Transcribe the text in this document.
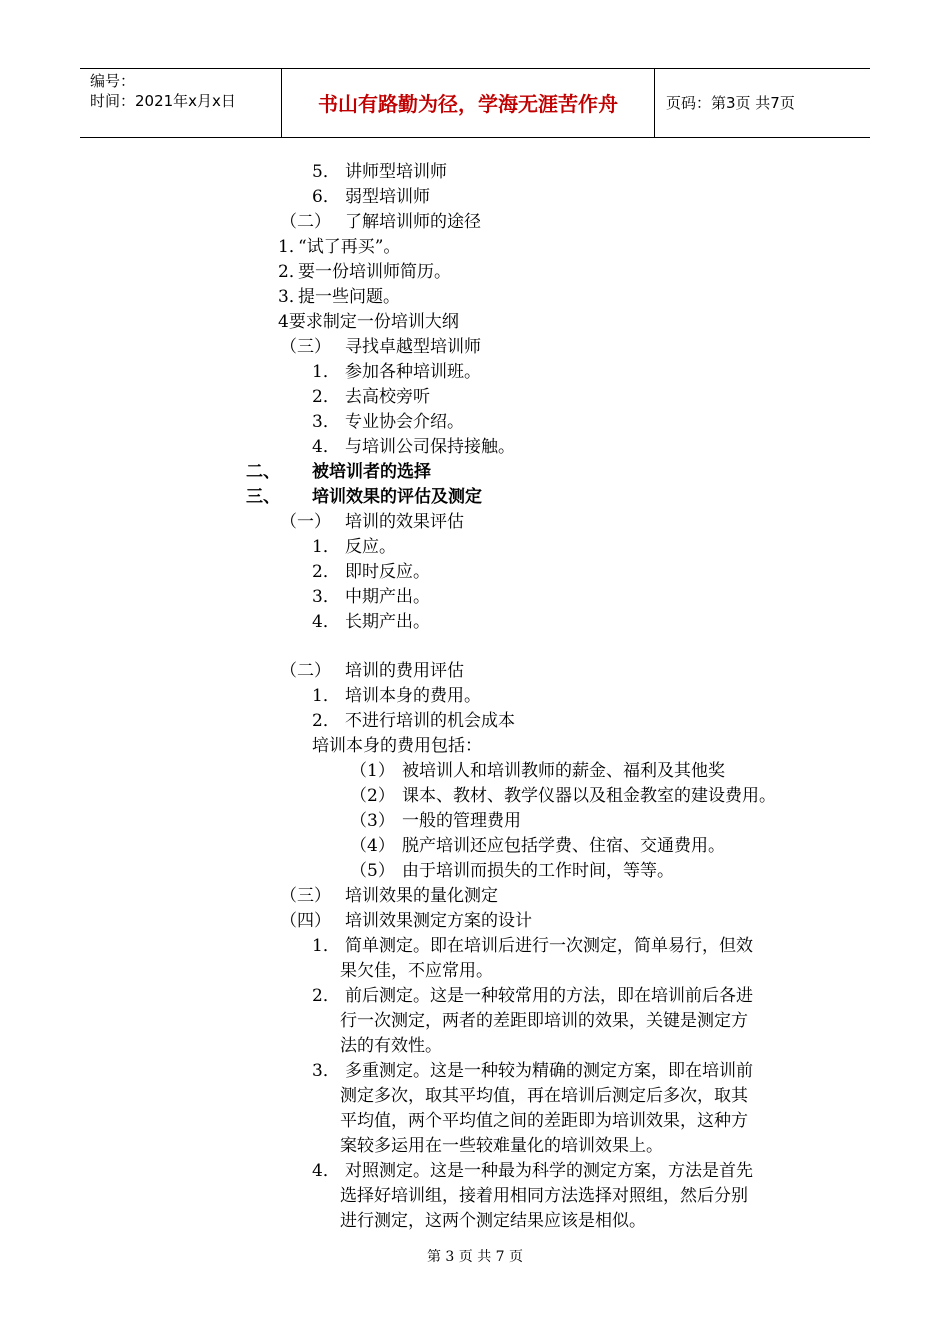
编号：
时间：2021年x月x日	书山有路勤为径，学海无涯苦作舟	页码：第3页 共7页
5． 讲师型培训师
6． 弱型培训师
（二） 了解培训师的途径
1．“试了再买”。
2．要一份培训师简历。
3．提一些问题。
4要求制定一份培训大纲
（三） 寻找卓越型培训师
1． 参加各种培训班。
2． 去高校旁听
3． 专业协会介绍。
4． 与培训公司保持接触。
二、 被培训者的选择
三、 培训效果的评估及测定
（一） 培训的效果评估
1． 反应。
2． 即时反应。
3． 中期产出。
4． 长期产出。
（二） 培训的费用评估
1． 培训本身的费用。
2． 不进行培训的机会成本
培训本身的费用包括：
（1） 被培训人和培训教师的薪金、福利及其他奖
（2） 课本、教材、教学仪器以及租金教室的建设费用。
（3） 一般的管理费用
（4） 脱产培训还应包括学费、住宿、交通费用。
（5） 由于培训而损失的工作时间，等等。
（三） 培训效果的量化测定
（四） 培训效果测定方案的设计
1． 简单测定。即在培训后进行一次测定，简单易行，但效
果欠佳，不应常用。
2． 前后测定。这是一种较常用的方法，即在培训前后各进
行一次测定，两者的差距即培训的效果，关键是测定方
法的有效性。
3． 多重测定。这是一种较为精确的测定方案，即在培训前
测定多次，取其平均值，再在培训后测定后多次，取其
平均值，两个平均值之间的差距即为培训效果，这种方
案较多运用在一些较难量化的培训效果上。
4． 对照测定。这是一种最为科学的测定方案，方法是首先
选择好培训组，接着用相同方法选择对照组，然后分别
进行测定，这两个测定结果应该是相似。
第 3 页 共 7 页
